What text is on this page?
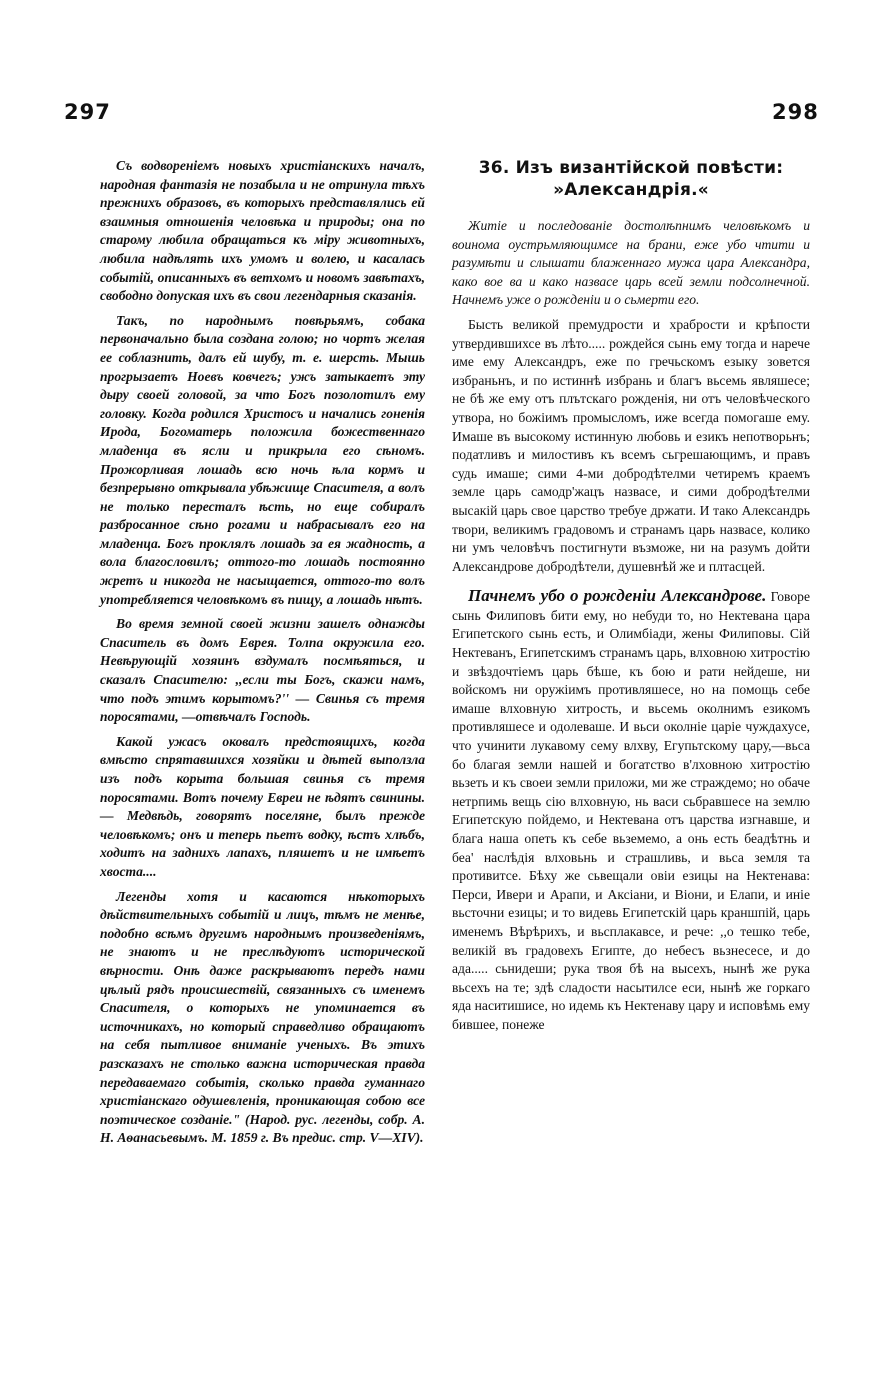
297	298

Съ водвореніемъ новыхъ христіанскихъ началъ, народная фантазія не позабыла и не отринула тѣхъ прежнихъ образовъ, въ которыхъ представлялись ей взаимныя отношенія человѣка и природы; она по старому любила обращаться къ міру животныхъ, любила надѣлять ихъ умомъ и волею, и касалась событій, описанныхъ въ ветхомъ и новомъ завѣтахъ, свободно допуская ихъ въ свои легендарныя сказанія.

Такъ, по народнымъ повѣрьямъ, собака первоначально была создана голою; но чортъ желая ее соблазнить, далъ ей шубу, т. е. шерсть. Мышь прогрызаетъ Ноевъ ковчегъ; ужъ затыкаетъ эту дыру своей головой, за что Богъ позолотилъ ему головку. Когда родился Христосъ и начались гоненія Ирода, Богоматерь положила божественнаго младенца въ ясли и прикрыла его сѣномъ. Прожорливая лошадь всю ночь ѣла кормъ и безпрерывно открывала убѣжище Спасителя, а волъ не только пересталъ ѣсть, но еще собиралъ разбросанное сѣно рогами и набрасывалъ его на младенца. Богъ проклялъ лошадь за ея жадность, а вола благословилъ; оттого-то лошадь постоянно жретъ и никогда не насыщается, оттого-то волъ употребляется человѣкомъ въ пищу, а лошадь нѣтъ.

Во время земной своей жизни зашелъ однажды Спаситель въ домъ Еврея. Толпа окружила его. Невѣрующій хозяинъ вздумалъ посмѣяться, и сказалъ Спасителю: ,,если ты Богъ, скажи намъ, что подъ этимъ корытомъ?'' — Свинья съ тремя поросятами, —отвѣчалъ Господь.

Какой ужасъ оковалъ предстоящихъ, когда вмѣсто спрятавшихся хозяйки и дѣтей выползла изъ подъ корыта большая свинья съ тремя поросятами. Вотъ почему Евреи не ѣдятъ свинины. — Медвѣдь, говорятъ поселяне, былъ прежде человѣкомъ; онъ и теперь пьетъ водку, ѣстъ хлѣбъ, ходитъ на заднихъ лапахъ, пляшетъ и не имѣетъ хвоста....

Легенды хотя и касаются нѣкоторыхъ дѣйствительныхъ событій и лицъ, тѣмъ не менѣе, подобно всѣмъ другимъ народнымъ произведеніямъ, не знаютъ и не преслѣдуютъ исторической вѣрности. Онѣ даже раскрываютъ передъ нами цѣлый рядъ происшествій, связанныхъ съ именемъ Спасителя, о которыхъ не упоминается въ источникахъ, но который справедливо обращаютъ на себя пытливое вниманіе ученыхъ. Въ этихъ разсказахъ не столько важна историческая правда передаваемаго событія, сколько правда гуманнаго христіанскаго одушевленія, проникающая собою все поэтическое созданіе." (Народ. рус. легенды, собр. А. Н. Аѳанасьевымъ. М. 1859 г. Въ предис. стр. V—XIV).

36. Изъ византійской повѣсти: »Александрія.«

Житіе и последованіе достолѣпнимъ человѣкомъ и воинома оустрьмляющимсе на брани, еже убо чтити и разумѣти и слышати блаженнаго мужа цара Александра, како вое ва и како назвасе царь всей земли подсолнечной. Начнемъ уже о рожденіи и о сьмерти его.

Бысть великой премудрости и храбрости и крѣпости утвердившихсе въ лѣто..... рождейся сынь ему тогда и нарече име ему Александръ, еже по гречьскомъ езыку зовется избраньнъ, и по истиннѣ избрань и благъ вьсемь являшесе; не бѣ же ему отъ плътскаго рожденія, ни отъ человѣческого утвора, но божіимъ промысломъ, иже всегда помогаше ему. Имаше въ высокому истинную любовь и езикъ непотворьнъ; податливъ и милостивъ къ всемъ сьгрешающимъ, и правъ судь имаше; сими 4-ми добродѣтелми четиремъ краемъ земле царь самодр'жацъ назвасе, и сими добродѣтелми высакій царь свое царство требуе држати. И тако Александрь твори, великимъ градовомъ и странамъ царь назвасе, колико ни умъ человѣчъ постигнути възможе, ни на разумъ дойти Александрове добродѣтели, душевнѣй же и плтасцей.

Пачнемъ убо о рожденіи Александрове. Говоре сынь Филиповъ бити ему, но небуди то, но Нектевана цара Египетского сынь есть, и Олимбіади, жены Филиповы. Сій Нектеванъ, Египетскимъ странамъ царь, влховною хитростію и звѣздочтіемъ царь бѣше, къ бою и рати нейдеше, ни войскомъ ни оружіимъ противляшесе, но на помощь себе имаше влховную хитрость, и вьсемь околнимъ езикомъ противляшесе и одолеваше. И вьси околніе царіе чуждахусе, что учинити лукавому сему влхву, Егупьтскому цару,—вьса бо благая земли нашей и богатство в'лховною хитростію вьзеть и къ своеи земли приложи, ми же страждемо; но обаче нетрпимь вещь сію влховную, нь васи сьбравшесе на землю Египетскую пойдемо, и Нектевана отъ царства изгнавше, и блага наша опеть къ себе вьземемо, а онь есть беадѣтнь и беа' наслѣдія влховьнь и страшливь, и вьса земля та противитсе. Бѣху же сьвещали овіи езицы на Нектенава: Перси, Ивери и Арапи, и Аксіани, и Віони, и Елапи, и иніе вьсточни езицы; и то видевь Египетскій царь краншпій, царь именемъ Вѣрѣрихъ, и вьсплакавсе, и рече: ,,о тешко тебе, великій въ градовехъ Египте, до небесъ вьзнесесе, и до ада..... сьнидеши; рука твоя бѣ на высехъ, нынѣ же рука вьсехъ на те; здѣ сладости насытилсе еси, нынѣ же горкаго ядa наситишисе, но идемь къ Нектенаву цару и исповѣмь ему бившее, понеже
